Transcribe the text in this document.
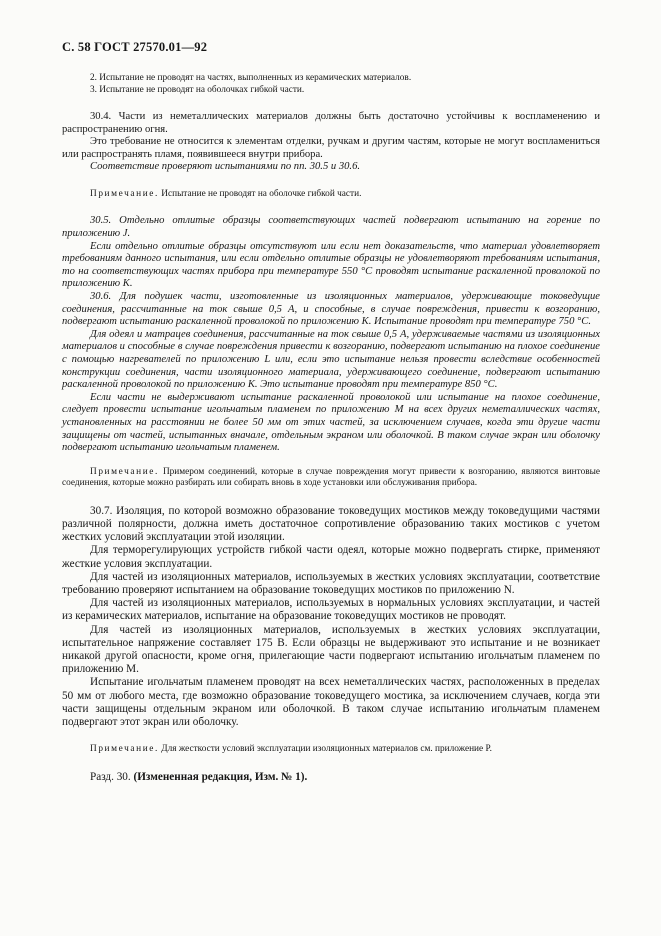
С. 58 ГОСТ 27570.01—92

2. Испытание не проводят на частях, выполненных из керамических материалов.

3. Испытание не проводят на оболочках гибкой части.

30.4. Части из неметаллических материалов должны быть достаточно устойчивы к воспламенению и распространению огня.

Это требование не относится к элементам отделки, ручкам и другим частям, которые не могут воспламениться или распространять пламя, появившееся внутри прибора.

Соответствие проверяют испытаниями по пп. 30.5 и 30.6.

Примечание. Испытание не проводят на оболочке гибкой части.

30.5. Отдельно отлитые образцы соответствующих частей подвергают испытанию на горение по приложению J.

Если отдельно отлитые образцы отсутствуют или если нет доказательств, что материал удовлетворяет требованиям данного испытания, или если отдельно отлитые образцы не удовлетворяют требованиям испытания, то на соответствующих частях прибора при температуре 550 °С проводят испытание раскаленной проволокой по приложению K.

30.6. Для подушек части, изготовленные из изоляционных материалов, удерживающие токоведущие соединения, рассчитанные на ток свыше 0,5 А, и способные, в случае повреждения, привести к возгоранию, подвергают испытанию раскаленной проволокой по приложению K. Испытание проводят при температуре 750 °С.

Для одеял и матрацев соединения, рассчитанные на ток свыше 0,5 А, удерживаемые частями из изоляционных материалов и способные в случае повреждения привести к возгоранию, подвергают испытанию на плохое соединение с помощью нагревателей по приложению L или, если это испытание нельзя провести вследствие особенностей конструкции соединения, части изоляционного материала, удерживающего соединение, подвергают испытанию раскаленной проволокой по приложению K. Это испытание проводят при температуре 850 °С.

Если части не выдерживают испытание раскаленной проволокой или испытание на плохое соединение, следует провести испытание игольчатым пламенем по приложению M на всех других неметаллических частях, установленных на расстоянии не более 50 мм от этих частей, за исключением случаев, когда эти другие части защищены от частей, испытанных вначале, отдельным экраном или оболочкой. В таком случае экран или оболочку подвергают испытанию игольчатым пламенем.

Примечание. Примером соединений, которые в случае повреждения могут привести к возгоранию, являются винтовые соединения, которые можно разбирать или собирать вновь в ходе установки или обслуживания прибора.

30.7. Изоляция, по которой возможно образование токоведущих мостиков между токоведущими частями различной полярности, должна иметь достаточное сопротивление образованию таких мостиков с учетом жестких условий эксплуатации этой изоляции.

Для терморегулирующих устройств гибкой части одеял, которые можно подвергать стирке, применяют жесткие условия эксплуатации.

Для частей из изоляционных материалов, используемых в жестких условиях эксплуатации, соответствие требованию проверяют испытанием на образование токоведущих мостиков по приложению N.

Для частей из изоляционных материалов, используемых в нормальных условиях эксплуатации, и частей из керамических материалов, испытание на образование токоведущих мостиков не проводят.

Для частей из изоляционных материалов, используемых в жестких условиях эксплуатации, испытательное напряжение составляет 175 В. Если образцы не выдерживают это испытание и не возникает никакой другой опасности, кроме огня, прилегающие части подвергают испытанию игольчатым пламенем по приложению M.

Испытание игольчатым пламенем проводят на всех неметаллических частях, расположенных в пределах 50 мм от любого места, где возможно образование токоведущего мостика, за исключением случаев, когда эти части защищены отдельным экраном или оболочкой. В таком случае испытанию игольчатым пламенем подвергают этот экран или оболочку.

Примечание. Для жесткости условий эксплуатации изоляционных материалов см. приложение P.

Разд. 30. (Измененная редакция, Изм. № 1).
